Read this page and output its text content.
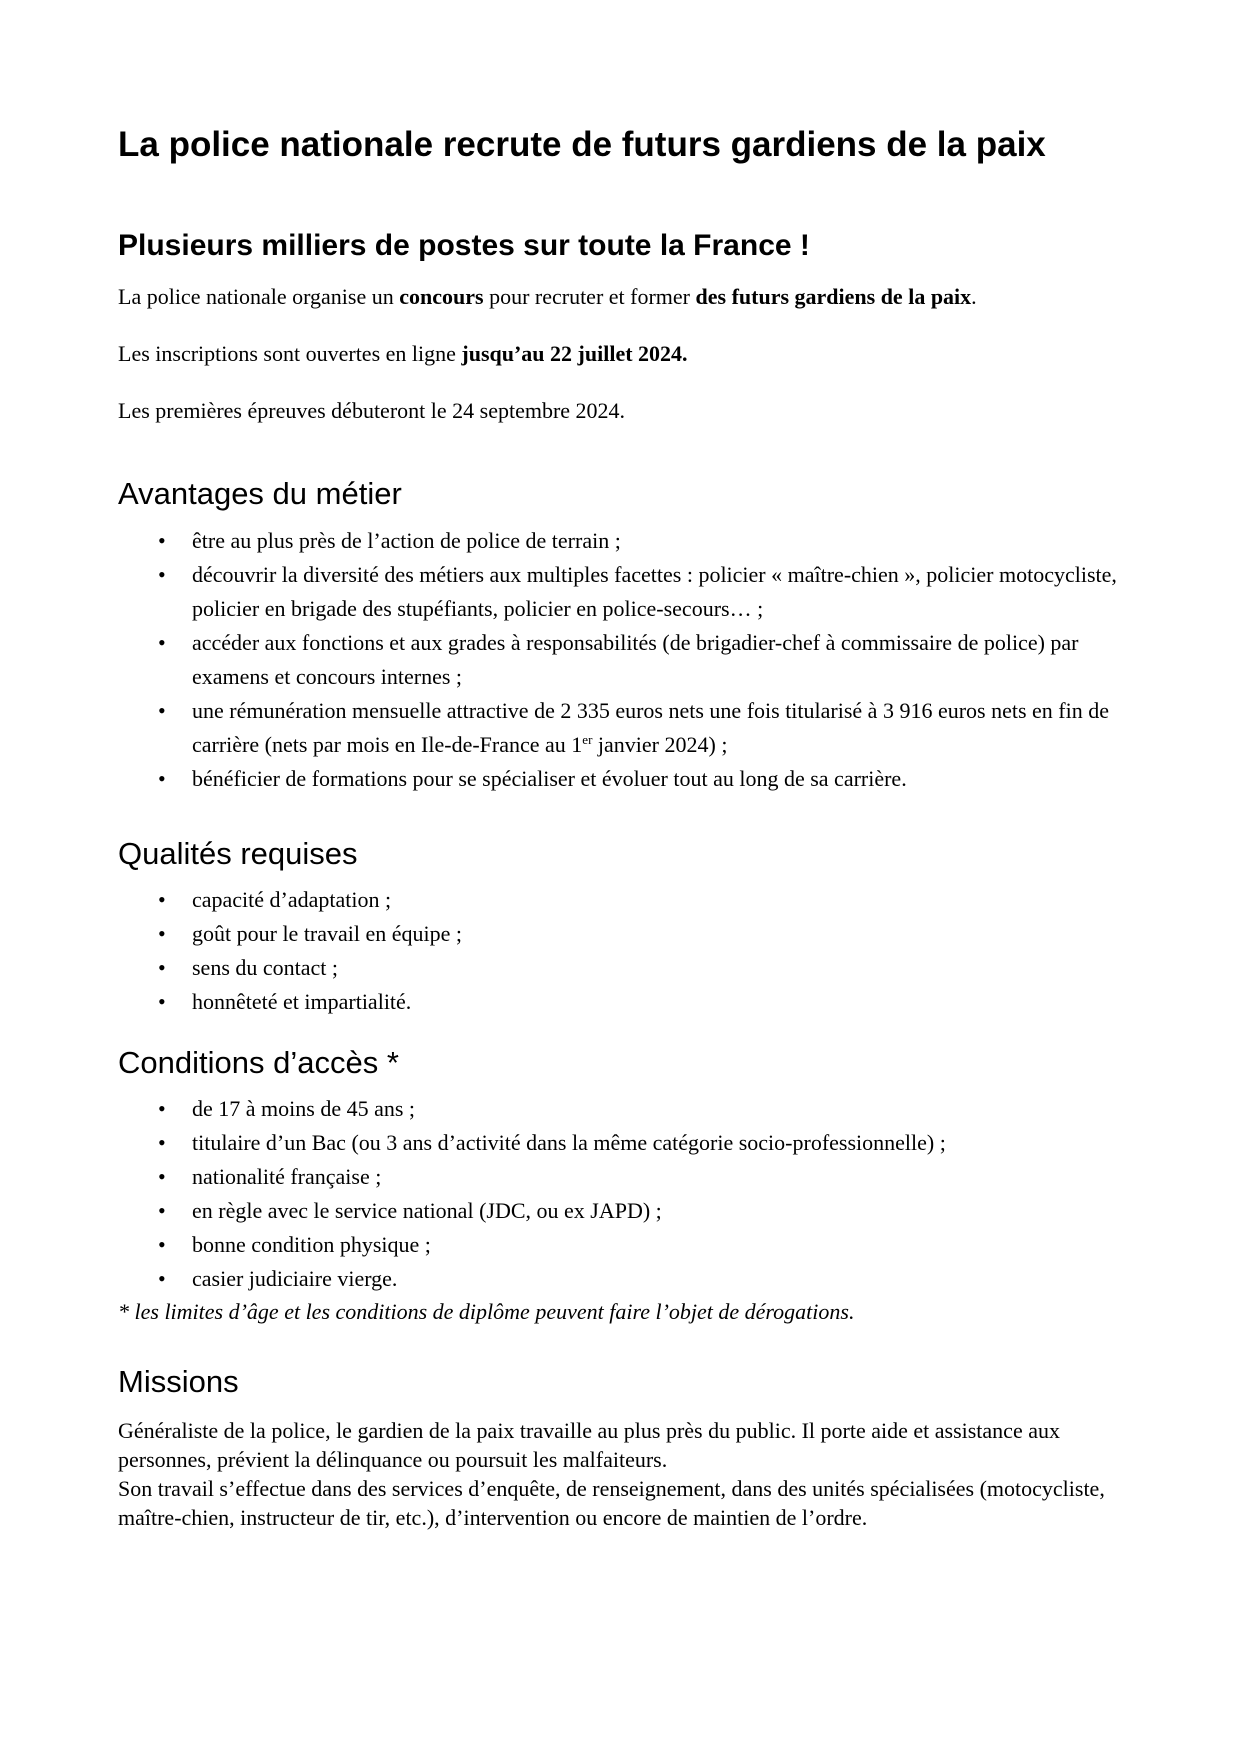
La police nationale recrute de futurs gardiens de la paix
Plusieurs milliers de postes sur toute la France !

La police nationale organise un concours pour recruter et former des futurs gardiens de la paix.

Les inscriptions sont ouvertes en ligne jusqu’au 22 juillet 2024.

Les premières épreuves débuteront le 24 septembre 2024.

Avantages du métier
• être au plus près de l’action de police de terrain ;
• découvrir la diversité des métiers aux multiples facettes : policier « maître-chien », policier motocycliste, policier en brigade des stupéfiants, policier en police-secours… ;
• accéder aux fonctions et aux grades à responsabilités (de brigadier-chef à commissaire de police) par examens et concours internes ;
• une rémunération mensuelle attractive de 2 335 euros nets une fois titularisé à 3 916 euros nets en fin de carrière (nets par mois en Ile-de-France au 1er janvier 2024) ;
• bénéficier de formations pour se spécialiser et évoluer tout au long de sa carrière.
Qualités requises
• capacité d’adaptation ;
• goût pour le travail en équipe ;
• sens du contact ;
• honnêteté et impartialité.
Conditions d’accès *
• de 17 à moins de 45 ans ;
• titulaire d’un Bac (ou 3 ans d’activité dans la même catégorie socio-professionnelle) ;
• nationalité française ;
• en règle avec le service national (JDC, ou ex JAPD) ;
• bonne condition physique ;
• casier judiciaire vierge.

* les limites d’âge et les conditions de diplôme peuvent faire l’objet de dérogations.

Missions
Généraliste de la police, le gardien de la paix travaille au plus près du public. Il porte aide et assistance aux personnes, prévient la délinquance ou poursuit les malfaiteurs.
Son travail s’effectue dans des services d’enquête, de renseignement, dans des unités spécialisées (motocycliste, maître-chien, instructeur de tir, etc.), d’intervention ou encore de maintien de l’ordre.
